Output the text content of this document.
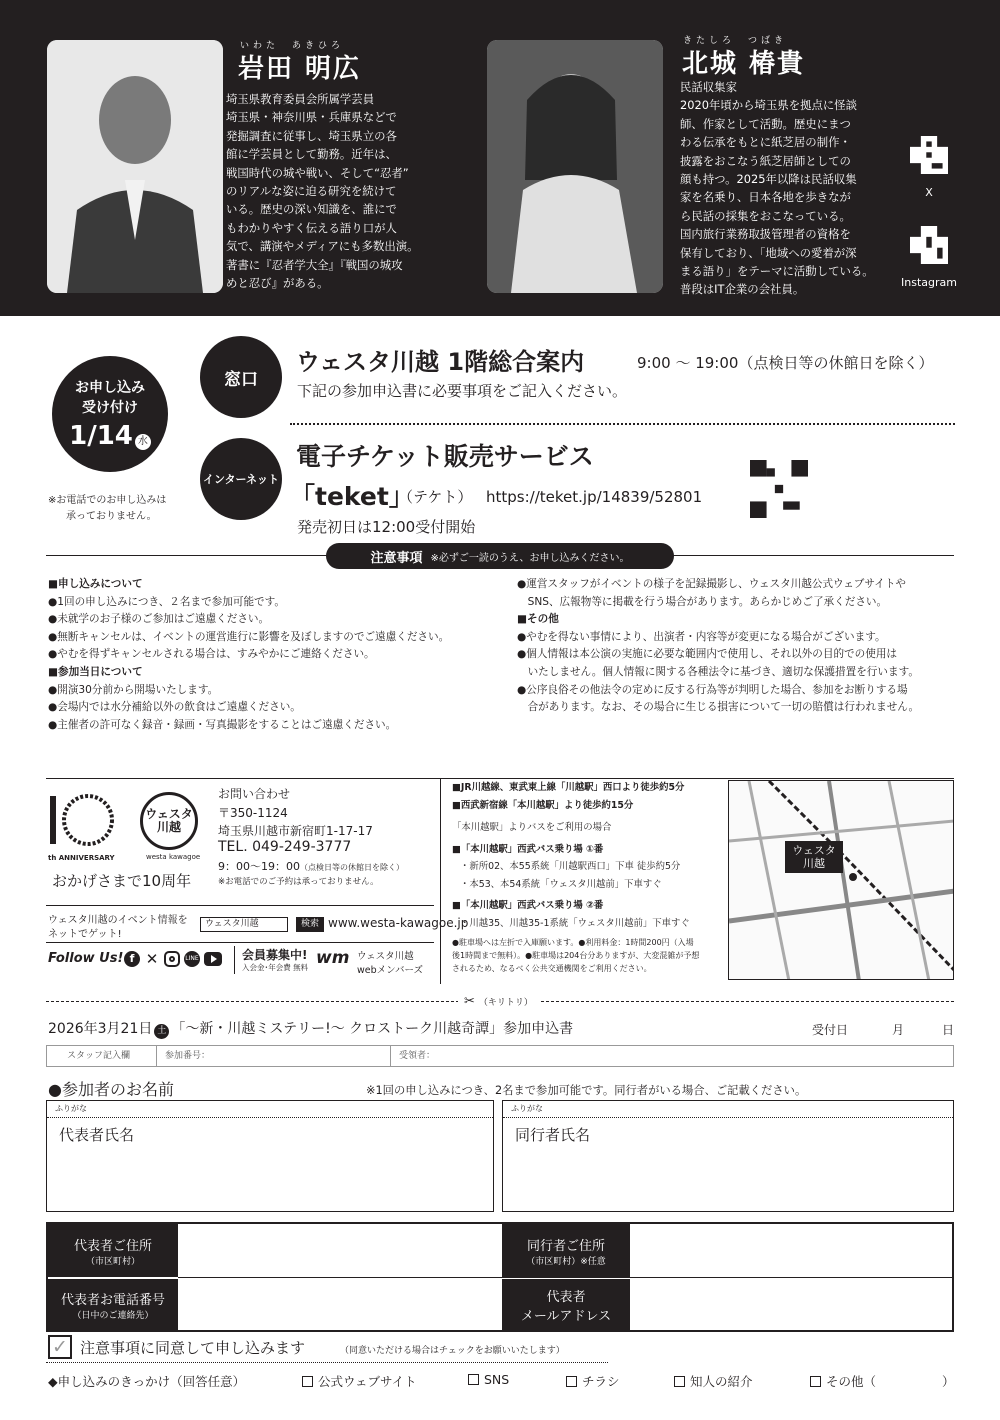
いわた　あきひろ
岩田 明広
埼玉県教育委員会所属学芸員
埼玉県・神奈川県・兵庫県などで
発掘調査に従事し、埼玉県立の各
館に学芸員として勤務。近年は、
戦国時代の城や戦い、そして“忍者”
のリアルな姿に迫る研究を続けて
いる。歴史の深い知識を、誰にで
もわかりやすく伝える語り口が人
気で、講演やメディアにも多数出演。
著書に『忍者学大全』『戦国の城攻
めと忍び』がある。
きたしろ　つばき
北城 椿貴
民話収集家
2020年頃から埼玉県を拠点に怪談
師、作家として活動。歴史にまつ
わる伝承をもとに紙芝居の制作・
披露をおこなう紙芝居師としての
顔も持つ。2025年以降は民話収集
家を名乗り、日本各地を歩きなが
ら民話の採集をおこなっている。
国内旅行業務取扱管理者の資格を
保有しており、「地域への愛着が深
まる語り」をテーマに活動している。
普段はIT企業の会社員。
X
Instagram
お申し込み
受け付け
1/14 水
※お電話でのお申し込みは
承っておりません。
窓口
ウェスタ川越 1階総合案内	9:00 ～ 19:00（点検日等の休館日を除く）
下記の参加申込書に必要事項をご記入ください。
インターネット
電子チケット販売サービス
「teket」
（テケト） https://teket.jp/14839/52801
発売初日は12:00受付開始
注意事項 ※必ずご一読のうえ、お申し込みください。
■申し込みについて
●1回の申し込みにつき、２名まで参加可能です。
●未就学のお子様のご参加はご遠慮ください。
●無断キャンセルは、イベントの運営進行に影響を及ぼしますのでご遠慮ください。
●やむを得ずキャンセルされる場合は、すみやかにご連絡ください。
■参加当日について
●開演30分前から開場いたします。
●会場内では水分補給以外の飲食はご遠慮ください。
●主催者の許可なく録音・録画・写真撮影をすることはご遠慮ください。
●運営スタッフがイベントの様子を記録撮影し、ウェスタ川越公式ウェブサイトや
　SNS、広報物等に掲載を行う場合があります。あらかじめご了承ください。
■その他
●やむを得ない事情により、出演者・内容等が変更になる場合がございます。
●個人情報は本公演の実施に必要な範囲内で使用し、それ以外の目的での使用は
　いたしません。個人情報に関する各種法令に基づき、適切な保護措置を行います。
●公序良俗その他法令の定めに反する行為等が判明した場合、参加をお断りする場
　合があります。なお、その場合に生じる損害について一切の賠償は行われません。
th ANNIVERSARY
ウェスタ
川越
westa kawagoe
おかげさまで10周年
お問い合わせ
〒350-1124
埼玉県川越市新宿町1-17-17
TEL. 049-249-3777
9：00～19：00（点検日等の休館日を除く）
※お電話でのご予約は承っておりません。
ウェスタ川越のイベント情報を
ネットでゲット!
ウェスタ川越	検索 www.westa-kawagoe.jp
Follow Us! f ✕	LINE	会員募集中!
入会金･年会費 無料 wm ウェスタ川越
webメンバーズ
■JR川越線、東武東上線「川越駅」西口より徒歩約5分
■西武新宿線「本川越駅」より徒歩約15分
「本川越駅」よりバスをご利用の場合
■「本川越駅」西武バス乗り場 ①番
・新所02、本55系統「川越駅西口」下車 徒歩約5分
・本53、本54系統「ウェスタ川越前」下車すぐ
■「本川越駅」西武バス乗り場 ②番
・川越35、川越35-1系統「ウェスタ川越前」下車すぐ
●駐車場へは左折で入庫願います。●利用料金：1時間200円（入場
後1時間まで無料）。●駐車場は204台分ありますが、大変混雑が予想
されるため、なるべく公共交通機関をご利用ください。
ウェスタ
川越
✂ （キリトリ）
2026年3月21日 土 「～新・川越ミステリー!～ クロストーク川越奇譚」参加申込書	受付日	月	日
スタッフ記入欄	参加番号：	受領者：
●参加者のお名前	※1回の申し込みにつき、2名まで参加可能です。同行者がいる場合、ご記載ください。
ふりがな
代表者氏名
ふりがな
同行者氏名
代表者ご住所
（市区町村）
同行者ご住所
（市区町村）※任意
代表者お電話番号
（日中のご連絡先）
代表者
メールアドレス
✓ 注意事項に同意して申し込みます	（同意いただける場合はチェックをお願いいたします）
◆申し込みのきっかけ（回答任意）	公式ウェブサイト	SNS	チラシ	知人の紹介	その他（	）
